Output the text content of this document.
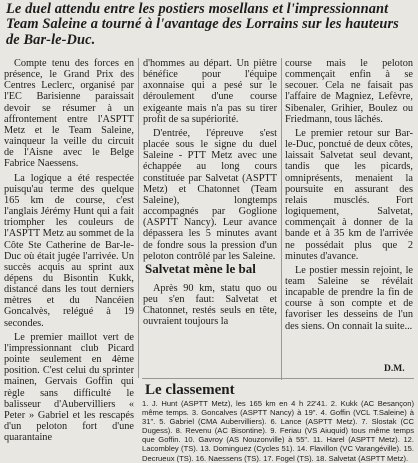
Le duel attendu entre les postiers mosellans et l'impressionnant Team Saleine a tourné à l'avantage des Lorrains sur les hauteurs de Bar-le-Duc.

Compte tenu des forces en présence, le Grand Prix des Centres Leclerc, organisé par l'EC Barisienne paraissait devoir se résumer à un affrontement entre l'ASPTT Metz et le Team Saleine, vainqueur la veille du circuit de l'Aisne avec le Belge Fabrice Naessens.

La logique a été respectée puisqu'au terme des quelque 165 km de course, c'est l'anglais Jérémy Hunt qui a fait triompher les couleurs de l'ASPTT Metz au sommet de la Côte Ste Catherine de Bar-le-Duc où était jugée l'arrivée. Un succès acquis au sprint aux dépens du Bisontin Kukk, distancé dans les tout derniers mètres et du Nancéien Goncalvès, relégué à 19 secondes.

Le premier maillot vert de l'impressionnant club Picard pointe seulement en 4ème position. C'est celui du sprinter mainen, Gervais Goffin qui règle sans difficulté le balisseur d'Aubervilliers « Peter » Gabriel et les rescapés d'un peloton fort d'une quarantaine

d'hommes au départ. Un piètre bénéfice pour l'équipe axonnaise qui a pesé sur le déroulement d'une course exigeante mais n'a pas su tirer profit de sa supériorité.

D'entrée, l'épreuve s'est placée sous le signe du duel Saleine - PTT Metz avec une échappée au long cours constituée par Salvetat (ASPTT Metz) et Chatonnet (Team Saleine), longtemps accompagnés par Goglione (ASPTT Nancy). Leur avance dépassera les 5 minutes avant de fondre sous la pression d'un peloton contrôlé par les Saleine.

Salvetat mène le bal

Après 90 km, statu quo ou peu s'en faut: Salvetat et Chatonnet, restés seuls en tête, ouvraient toujours la

course mais le peloton commençait enfin à se secouer. Cela ne faisait pas l'affaire de Magniez, Lefèvre, Sibenaler, Grihier, Boulez ou Friedmann, tous lâchés.

Le premier retour sur Bar-le-Duc, ponctué de deux côtes, laissait Salvetat seul devant, tandis que les picards, omniprésents, menaient la poursuite en assurant des relais musclés. Fort logiquement, Salvetat, commençait à donner de la bande et à 35 km de l'arrivée ne possédait plus que 2 minutes d'avance.

Le postier messin rejoint, le team Saleine se révélait incapable de prendre la fin de course à son compte et de favoriser les desseins de l'un des siens. On connait la suite...

D.M.
Le classement
1. J. Hunt (ASPTT Metz), les 165 km en 4 h 22'41. 2. Kukk (AC Besançon) même temps. 3. Goncalves (ASPTT Nancy) à 19". 4. Goffin (VCL T.Saleine) à 31". 5. Gabriel (CMA Aubervilliers). 6. Lance (ASPTT Metz). 7. Slostak (CC Dugess). 8. Revenu (AC Bisontine). 9. Feriau (VS Aiuquid) tous même temps que Goffin. 10. Gavroy (AS Nouzonville) à 55". 11. Harel (ASPTT Metz). 12. Lacombley (TS). 13. Dominguez (Cycles 51). 14. Flavillon (VC Varangéville). 15. Decrueux (TS). 16. Naessens (TS). 17. Fogel (TS). 18. Salvetat (ASPTT Metz).
